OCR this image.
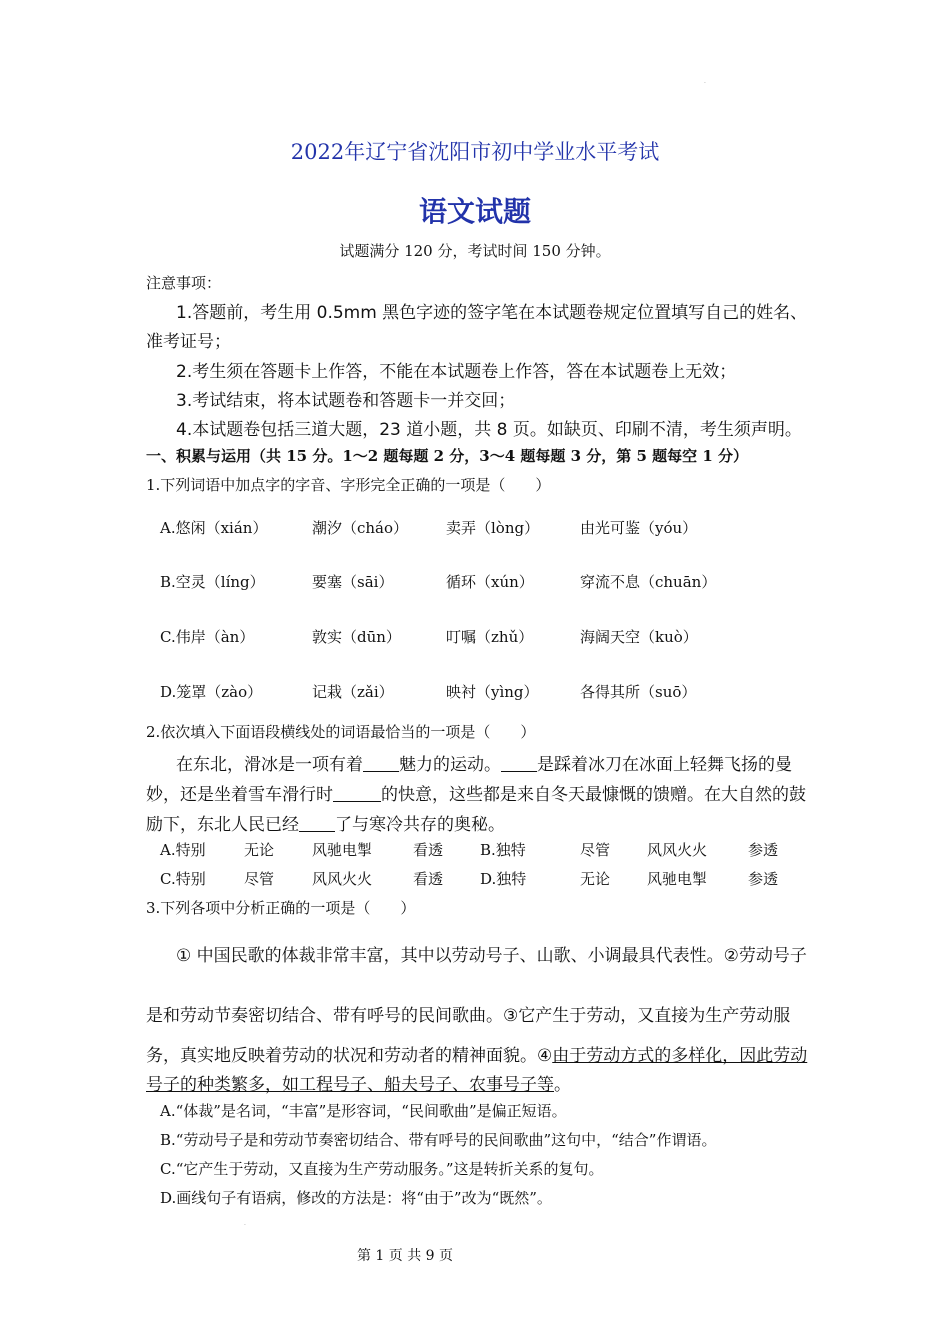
·
2022年辽宁省沈阳市初中学业水平考试
语文试题
试题满分 120 分，考试时间 150 分钟。
注意事项：
1.答题前，考生用 0.5mm 黑色字迹的签字笔在本试题卷规定位置填写自己的姓名、
准考证号；
2.考生须在答题卡上作答，不能在本试题卷上作答，答在本试题卷上无效；
3.考试结束，将本试题卷和答题卡一并交回；
4.本试题卷包括三道大题，23 道小题，共 8 页。如缺页、印刷不清，考生须声明。
一、积累与运用（共 15 分。1～2 题每题 2 分，3～4 题每题 3 分，第 5 题每空 1 分）
1.下列词语中加点字的字音、字形完全正确的一项是（　　）
A.悠闲（xián）	潮汐（cháo）	卖弄（lòng）	由光可鉴（yóu）
B.空灵（líng）	要塞（sāi）	循环（xún）	穿流不息（chuān）
C.伟岸（àn）	敦实（dūn）	叮嘱（zhǔ）	海阔天空（kuò）
D.笼罩（zào）	记栽（zǎi）	映衬（yìng）	各得其所（suō）
2.依次填入下面语段横线处的词语最恰当的一项是（　　）
在东北，滑冰是一项有着 魅力的运动。 是踩着冰刀在冰面上轻舞飞扬的曼
妙，还是坐着雪车滑行时	的快意，这些都是来自冬天最慷慨的馈赠。在大自然的鼓
励下，东北人民已经 了与寒冷共存的奥秘。
A.特别	无论	风驰电掣	看透 B.独特	尽管 风风火火	参透
C.特别	尽管	风风火火	看透 D.独特	无论 风驰电掣	参透
3.下列各项中分析正确的一项是（　　）
① 中国民歌的体裁非常丰富，其中以劳动号子、山歌、小调最具代表性。②劳动号子
是和劳动节奏密切结合、带有呼号的民间歌曲。③它产生于劳动，又直接为生产劳动服
务，真实地反映着劳动的状况和劳动者的精神面貌。④由于劳动方式的多样化，因此劳动
号子的种类繁多，如工程号子、船夫号子、农事号子等。
A.“体裁”是名词，“丰富”是形容词，“民间歌曲”是偏正短语。
B.“劳动号子是和劳动节奏密切结合、带有呼号的民间歌曲”这句中，“结合”作谓语。
C.“它产生于劳动，又直接为生产劳动服务。”这是转折关系的复句。
D.画线句子有语病，修改的方法是：将“由于”改为“既然”。
·
第 1 页 共 9 页
